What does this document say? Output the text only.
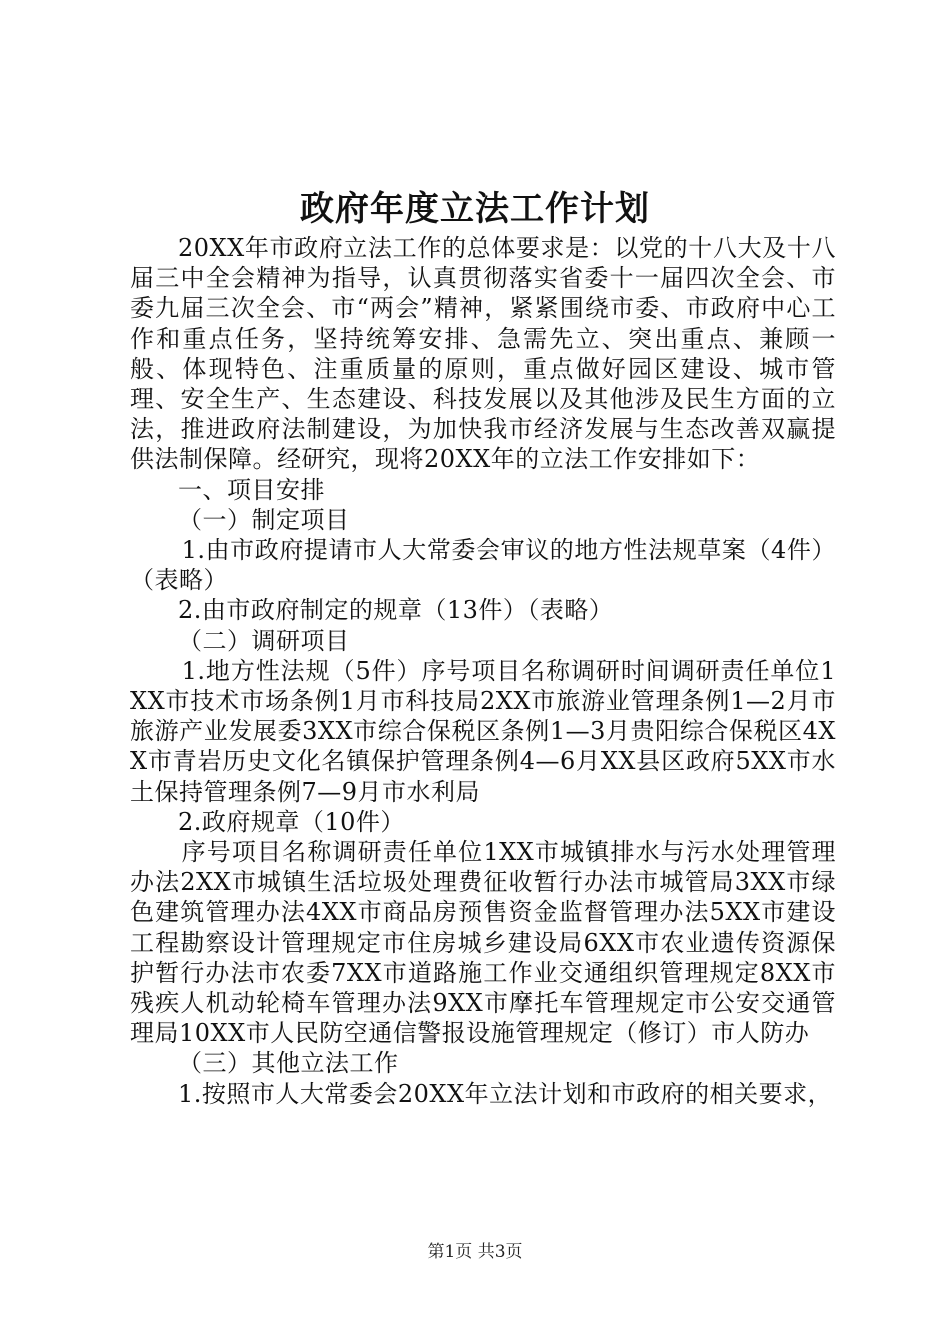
政府年度立法工作计划

20XX年市政府立法工作的总体要求是：以党的十八大及十八届三中全会精神为指导，认真贯彻落实省委十一届四次全会、市委九届三次全会、市“两会”精神，紧紧围绕市委、市政府中心工作和重点任务，坚持统筹安排、急需先立、突出重点、兼顾一般、体现特色、注重质量的原则，重点做好园区建设、城市管理、安全生产、生态建设、科技发展以及其他涉及民生方面的立法，推进政府法制建设，为加快我市经济发展与生态改善双赢提供法制保障。经研究，现将20XX年的立法工作安排如下：

一、项目安排

（一）制定项目

1.由市政府提请市人大常委会审议的地方性法规草案（4件）（表略）

2.由市政府制定的规章（13件）（表略）

（二）调研项目

1.地方性法规（5件）序号项目名称调研时间调研责任单位1XX市技术市场条例1月市科技局2XX市旅游业管理条例1—2月市旅游产业发展委3XX市综合保税区条例1—3月贵阳综合保税区4XX市青岩历史文化名镇保护管理条例4—6月XX县区政府5XX市水土保持管理条例7—9月市水利局

2.政府规章（10件）

序号项目名称调研责任单位1XX市城镇排水与污水处理管理办法2XX市城镇生活垃圾处理费征收暂行办法市城管局3XX市绿色建筑管理办法4XX市商品房预售资金监督管理办法5XX市建设工程勘察设计管理规定市住房城乡建设局6XX市农业遗传资源保护暂行办法市农委7XX市道路施工作业交通组织管理规定8XX市残疾人机动轮椅车管理办法9XX市摩托车管理规定市公安交通管理局10XX市人民防空通信警报设施管理规定（修订）市人防办

（三）其他立法工作

1.按照市人大常委会20XX年立法计划和市政府的相关要求，

第1页 共3页
